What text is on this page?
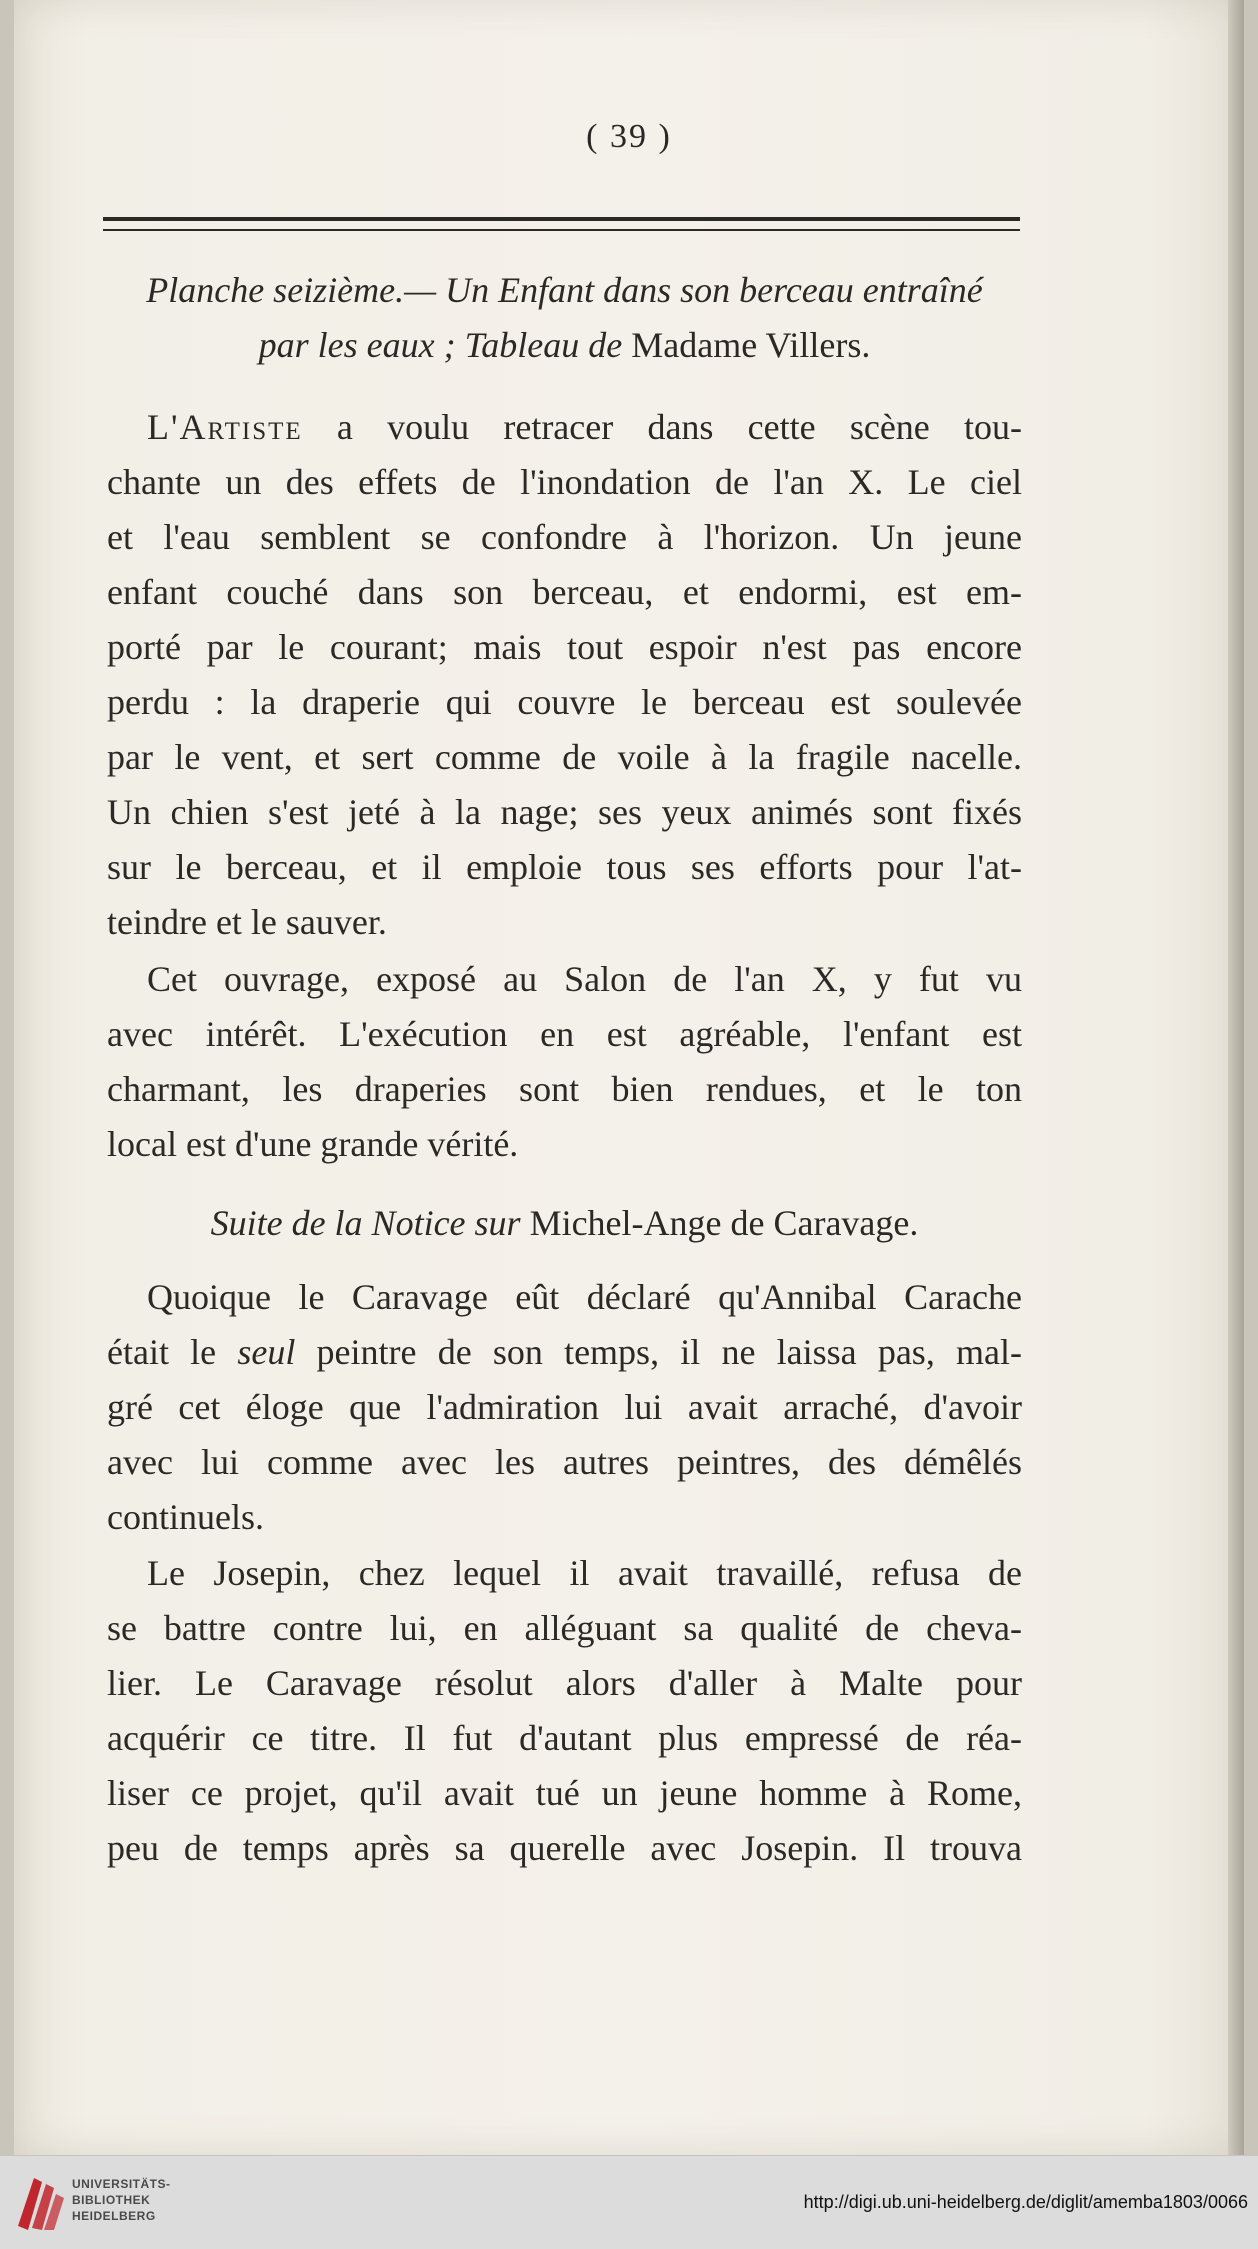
( 39 )
Planche seizième.— Un Enfant dans son berceau entraîné
par les eaux ; Tableau de Madame Villers.
L'Artiste a voulu retracer dans cette scène tou-
chante un des effets de l'inondation de l'an X. Le ciel
et l'eau semblent se confondre à l'horizon. Un jeune
enfant couché dans son berceau, et endormi, est em-
porté par le courant; mais tout espoir n'est pas encore
perdu : la draperie qui couvre le berceau est soulevée
par le vent, et sert comme de voile à la fragile nacelle.
Un chien s'est jeté à la nage; ses yeux animés sont fixés
sur le berceau, et il emploie tous ses efforts pour l'at-
teindre et le sauver.
Cet ouvrage, exposé au Salon de l'an X, y fut vu
avec intérêt. L'exécution en est agréable, l'enfant est
charmant, les draperies sont bien rendues, et le ton
local est d'une grande vérité.
Suite de la Notice sur Michel-Ange de Caravage.
Quoique le Caravage eût déclaré qu'Annibal Carache
était le seul peintre de son temps, il ne laissa pas, mal-
gré cet éloge que l'admiration lui avait arraché, d'avoir
avec lui comme avec les autres peintres, des démêlés
continuels.
Le Josepin, chez lequel il avait travaillé, refusa de
se battre contre lui, en alléguant sa qualité de cheva-
lier. Le Caravage résolut alors d'aller à Malte pour
acquérir ce titre. Il fut d'autant plus empressé de réa-
liser ce projet, qu'il avait tué un jeune homme à Rome,
peu de temps après sa querelle avec Josepin. Il trouva
UNIVERSITÄTS-
BIBLIOTHEK
HEIDELBERG
http://digi.ub.uni-heidelberg.de/diglit/amemba1803/0066
